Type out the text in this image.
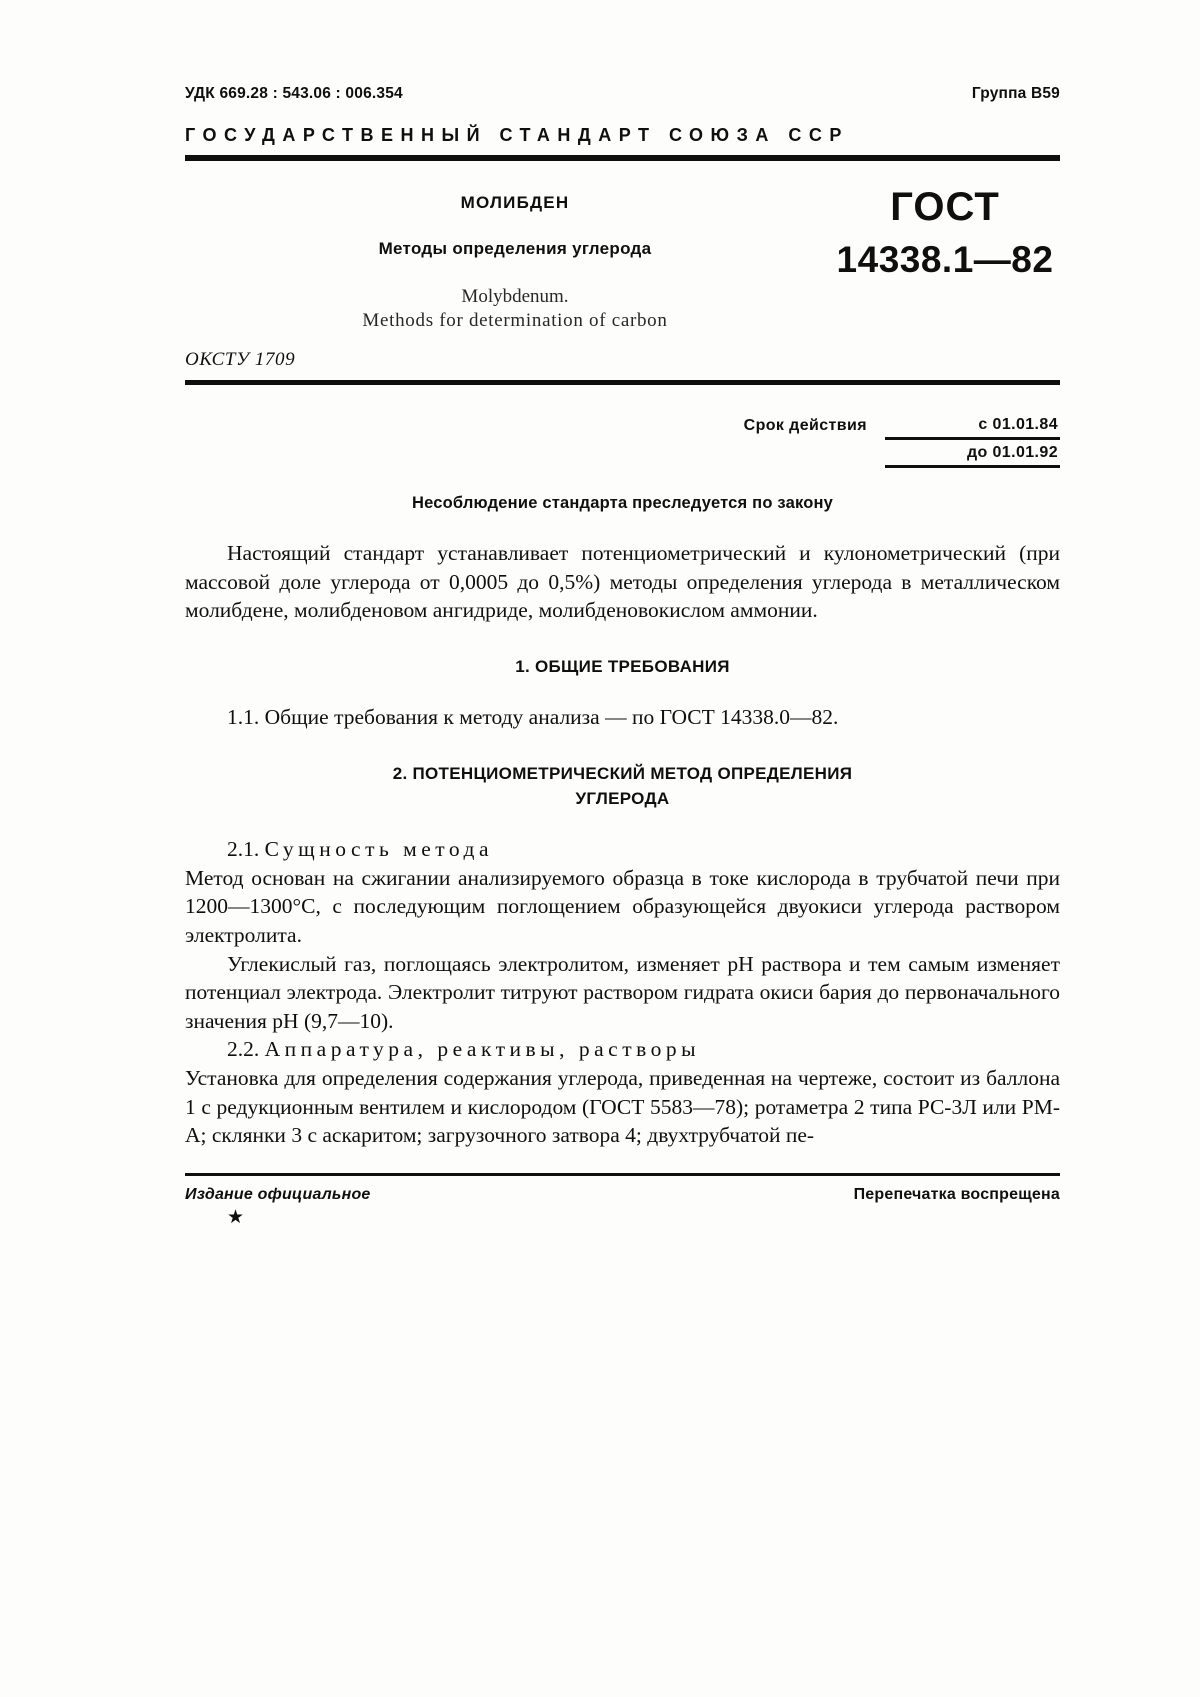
УДК 669.28 : 543.06 : 006.354	Группа В59
ГОСУДАРСТВЕННЫЙ СТАНДАРТ СОЮЗА ССР
МОЛИБДЕН
Методы определения углерода
Molybdenum.
Methods for determination of carbon
ГОСТ
14338.1—82
ОКСТУ 1709
Срок действия	с 01.01.84
до 01.01.92
Несоблюдение стандарта преследуется по закону

Настоящий стандарт устанавливает потенциометрический и кулонометрический (при массовой доле углерода от 0,0005 до 0,5%) методы определения углерода в металлическом молибдене, молибденовом ангидриде, молибденовокислом аммонии.

1. ОБЩИЕ ТРЕБОВАНИЯ

1.1. Общие требования к методу анализа — по ГОСТ 14338.0—82.

2. ПОТЕНЦИОМЕТРИЧЕСКИЙ МЕТОД ОПРЕДЕЛЕНИЯ
УГЛЕРОДА

2.1. Сущность метода

Метод основан на сжигании анализируемого образца в токе кислорода в трубчатой печи при 1200—1300°С, с последующим поглощением образующейся двуокиси углерода раствором электролита.

Углекислый газ, поглощаясь электролитом, изменяет рН раствора и тем самым изменяет потенциал электрода. Электролит титруют раствором гидрата окиси бария до первоначального значения рН (9,7—10).

2.2. Аппаратура, реактивы, растворы

Установка для определения содержания углерода, приведенная на чертеже, состоит из баллона 1 с редукционным вентилем и кислородом (ГОСТ 5583—78); ротаметра 2 типа РС-3Л или РМ-А; склянки 3 с аскаритом; загрузочного затвора 4; двухтрубчатой пе-

Издание официальное	Перепечатка воспрещена
★
